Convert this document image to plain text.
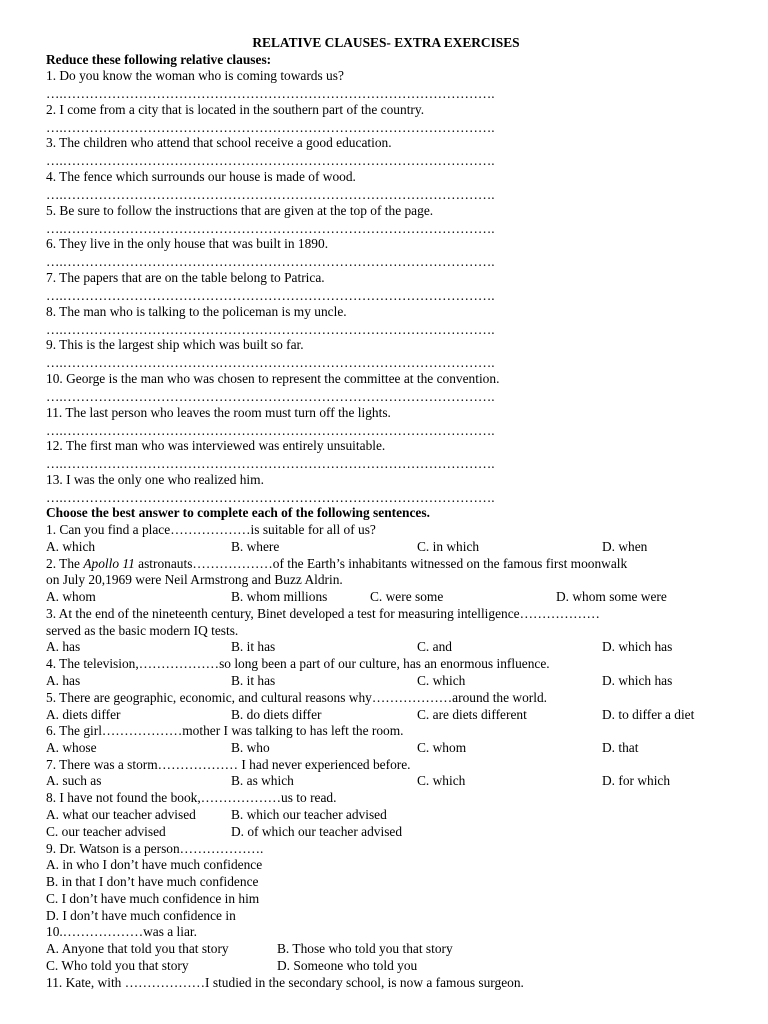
RELATIVE CLAUSES- EXTRA EXERCISES
Reduce these following relative clauses:
1. Do you know the woman who is coming towards us?
….…………………………………………………………………………………….
2. I come from a city that is located in the southern part of the country.
….…………………………………………………………………………………….
3. The children who attend that school receive a good education.
….…………………………………………………………………………………….
4. The fence which surrounds our house is made of wood.
….…………………………………………………………………………………….
5. Be sure to follow the instructions that are given at the top of the page.
….…………………………………………………………………………………….
6. They live in the only house that was built in 1890.
….…………………………………………………………………………………….
7. The papers that are on the table belong to Patrica.
….…………………………………………………………………………………….
8. The man who is talking to the policeman is my uncle.
….…………………………………………………………………………………….
9. This is the largest ship which was built so far.
….…………………………………………………………………………………….
10. George is the man who was chosen to represent the committee at the convention.
….…………………………………………………………………………………….
11. The last person who leaves the room must turn off the lights.
….…………………………………………………………………………………….
12. The first man who was interviewed was entirely unsuitable.
….…………………………………………………………………………………….
13. I was the only one who realized him.
….…………………………………………………………………………………….
Choose the best answer to complete each of the following sentences.
1. Can you find a place………………is suitable for all of us?
A. which	B. where	C. in which	D. when
2. The Apollo 11 astronauts………………of the Earth’s inhabitants witnessed on the famous first moonwalk
on July 20,1969 were Neil Armstrong and Buzz Aldrin.
A. whom	B. whom millions	C. were some	D. whom some were
3. At the end of the nineteenth century, Binet developed a test for measuring intelligence………………
served as the basic modern IQ tests.
A. has	B. it has	C. and	D. which has
4. The television,………………so long been a part of our culture, has an enormous influence.
A. has	B. it has	C. which	D. which has
5. There are geographic, economic, and cultural reasons why………………around the world.
A. diets differ	B. do diets differ	C. are diets different	D. to differ a diet
6. The girl………………mother I was talking to has left the room.
A. whose	B. who	C. whom	D. that
7. There was a storm……………… I had never experienced before.
A. such as	B. as which	C. which	D. for which
8. I have not found the book,………………us to read.
A. what our teacher advised	B. which our teacher advised
C. our teacher advised	D. of which our teacher advised
9. Dr. Watson is a person……………….
A. in who I don’t have much confidence
B. in that I don’t have much confidence
C. I don’t have much confidence in him
D. I don’t have much confidence in
10.………………was a liar.
A. Anyone that told you that story	B. Those who told you that story
C. Who told you that story	D. Someone who told you
11. Kate, with ………………I studied in the secondary school, is now a famous surgeon.
